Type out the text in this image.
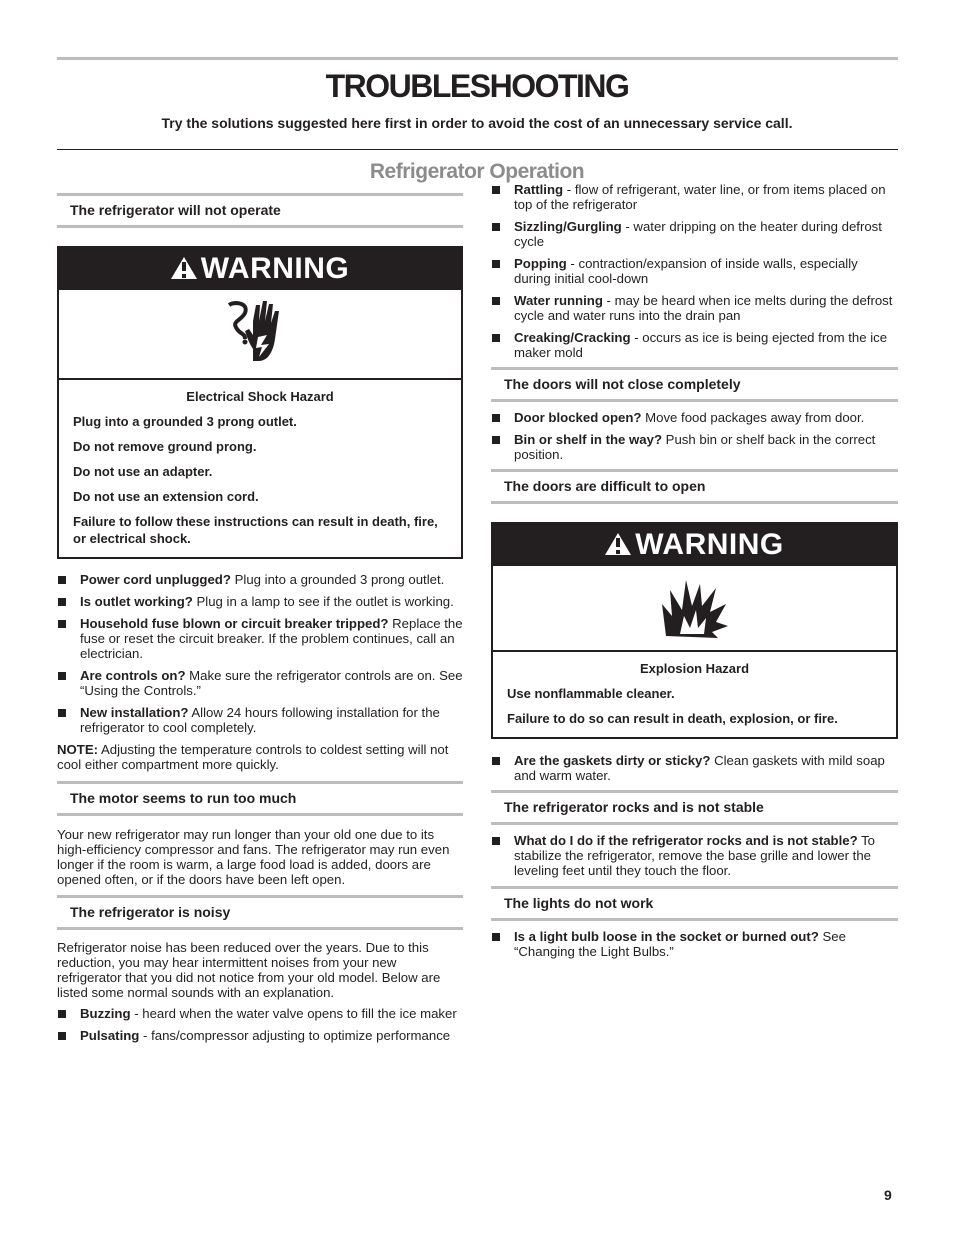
TROUBLESHOOTING

Try the solutions suggested here first in order to avoid the cost of an unnecessary service call.

Refrigerator Operation
The refrigerator will not operate
WARNING

Electrical Shock Hazard

Plug into a grounded 3 prong outlet.

Do not remove ground prong.

Do not use an adapter.

Do not use an extension cord.

Failure to follow these instructions can result in death, fire, or electrical shock.

Power cord unplugged? Plug into a grounded 3 prong outlet.
Is outlet working? Plug in a lamp to see if the outlet is working.
Household fuse blown or circuit breaker tripped? Replace the fuse or reset the circuit breaker. If the problem continues, call an electrician.
Are controls on? Make sure the refrigerator controls are on. See “Using the Controls.”
New installation? Allow 24 hours following installation for the refrigerator to cool completely.

NOTE: Adjusting the temperature controls to coldest setting will not cool either compartment more quickly.

The motor seems to run too much

Your new refrigerator may run longer than your old one due to its high-efficiency compressor and fans. The refrigerator may run even longer if the room is warm, a large food load is added, doors are opened often, or if the doors have been left open.

The refrigerator is noisy

Refrigerator noise has been reduced over the years. Due to this reduction, you may hear intermittent noises from your new refrigerator that you did not notice from your old model. Below are listed some normal sounds with an explanation.

Buzzing - heard when the water valve opens to fill the ice maker
Pulsating - fans/compressor adjusting to optimize performance
Rattling - flow of refrigerant, water line, or from items placed on top of the refrigerator
Sizzling/Gurgling - water dripping on the heater during defrost cycle
Popping - contraction/expansion of inside walls, especially during initial cool-down
Water running - may be heard when ice melts during the defrost cycle and water runs into the drain pan
Creaking/Cracking - occurs as ice is being ejected from the ice maker mold
The doors will not close completely
Door blocked open? Move food packages away from door.
Bin or shelf in the way? Push bin or shelf back in the correct position.
The doors are difficult to open
WARNING

Explosion Hazard

Use nonflammable cleaner.

Failure to do so can result in death, explosion, or fire.

Are the gaskets dirty or sticky? Clean gaskets with mild soap and warm water.
The refrigerator rocks and is not stable
What do I do if the refrigerator rocks and is not stable? To stabilize the refrigerator, remove the base grille and lower the leveling feet until they touch the floor.
The lights do not work
Is a light bulb loose in the socket or burned out? See “Changing the Light Bulbs.”
9
